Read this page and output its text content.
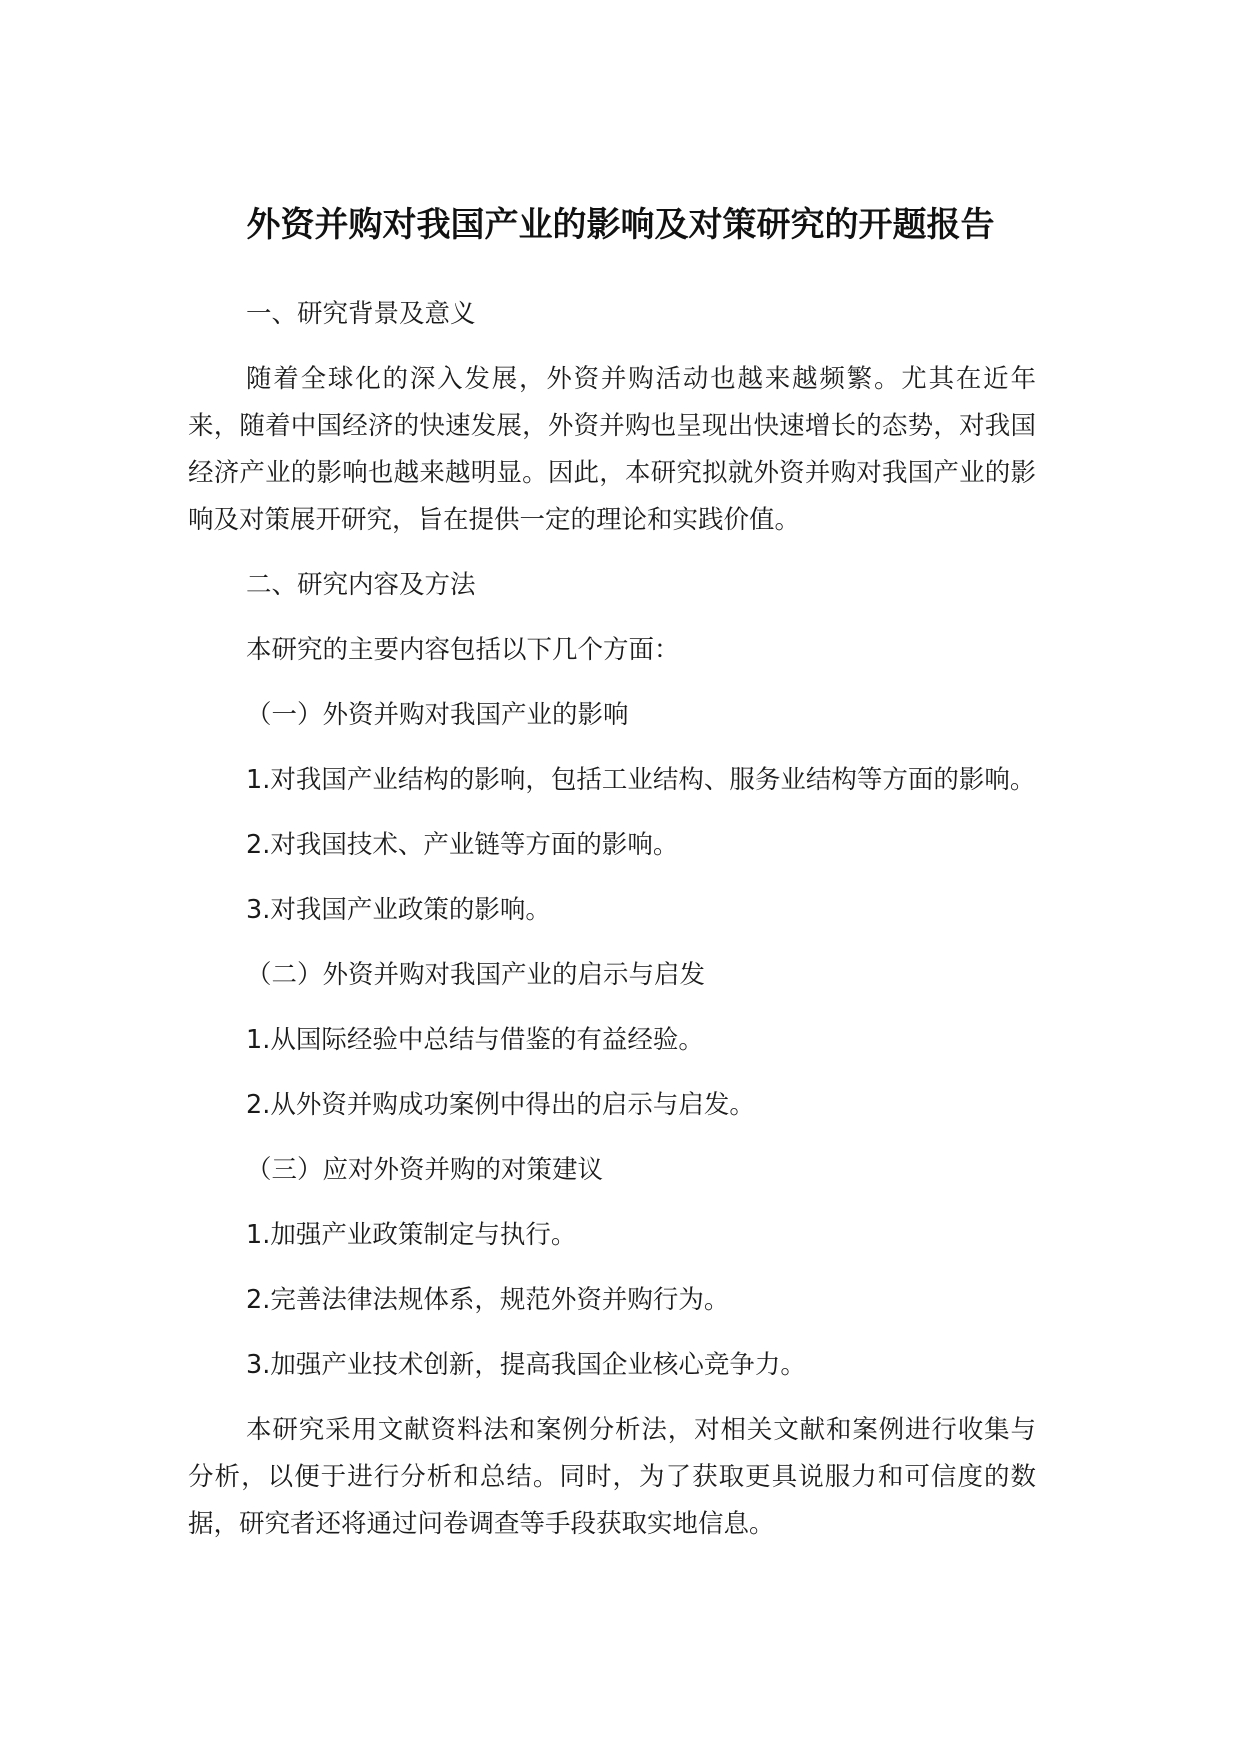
外资并购对我国产业的影响及对策研究的开题报告

一、研究背景及意义

随着全球化的深入发展，外资并购活动也越来越频繁。尤其在近年来，随着中国经济的快速发展，外资并购也呈现出快速增长的态势，对我国经济产业的影响也越来越明显。因此，本研究拟就外资并购对我国产业的影响及对策展开研究，旨在提供一定的理论和实践价值。

二、研究内容及方法

本研究的主要内容包括以下几个方面：

（一）外资并购对我国产业的影响

1.对我国产业结构的影响，包括工业结构、服务业结构等方面的影响。

2.对我国技术、产业链等方面的影响。

3.对我国产业政策的影响。

（二）外资并购对我国产业的启示与启发

1.从国际经验中总结与借鉴的有益经验。

2.从外资并购成功案例中得出的启示与启发。

（三）应对外资并购的对策建议

1.加强产业政策制定与执行。

2.完善法律法规体系，规范外资并购行为。

3.加强产业技术创新，提高我国企业核心竞争力。

本研究采用文献资料法和案例分析法，对相关文献和案例进行收集与分析，以便于进行分析和总结。同时，为了获取更具说服力和可信度的数据，研究者还将通过问卷调查等手段获取实地信息。
